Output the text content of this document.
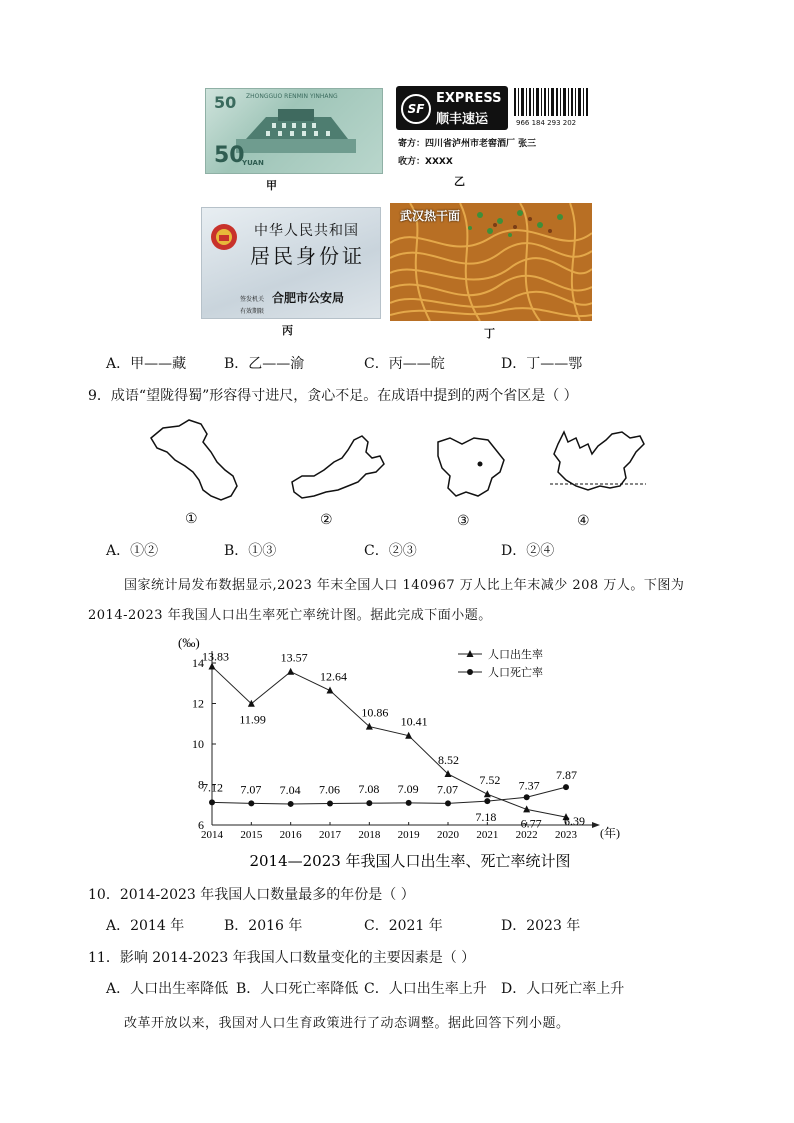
50 ZHONGGUO RENMIN YINHANG
50
YUAN
甲
SF
EXPRESS
顺丰速运	966 184 293 202
寄方：四川省泸州市老窖酒厂 张三
收方：XXXX
乙
中华人民共和国
居民身份证
签发机关 合肥市公安局
有效期限
丙
武汉热干面
丁
A．甲——藏	B．乙——渝	C．丙——皖	D．丁——鄂
9．成语“望陇得蜀”形容得寸进尺，贪心不足。在成语中提到的两个省区是（ ）
①	②	③	④
A．①②	B．①③	C．②③	D．②④
国家统计局发布数据显示,2023 年末全国人口 140967 万人比上年末减少 208 万人。下图为
2014-2023 年我国人口出生率死亡率统计图。据此完成下面小题。
(‰)
(年)
6
8
10
12
14
2014 2015 2016 2017 2018 2019 2020 2021 2022 2023
13.83
11.99
13.57
12.64
10.86
10.41
8.52
7.52
6.77 6.39
7.12 7.07 7.04 7.06 7.08 7.09 7.07
7.18
7.37
7.87
人口出生率
人口死亡率
2014—2023 年我国人口出生率、死亡率统计图
10．2014-2023 年我国人口数量最多的年份是（ ）
A．2014 年	B．2016 年	C．2021 年	D．2023 年
11．影响 2014-2023 年我国人口数量变化的主要因素是（ ）
A．人口出生率降低 B．人口死亡率降低 C．人口出生率上升 D．人口死亡率上升
改革开放以来，我国对人口生育政策进行了动态调整。据此回答下列小题。
